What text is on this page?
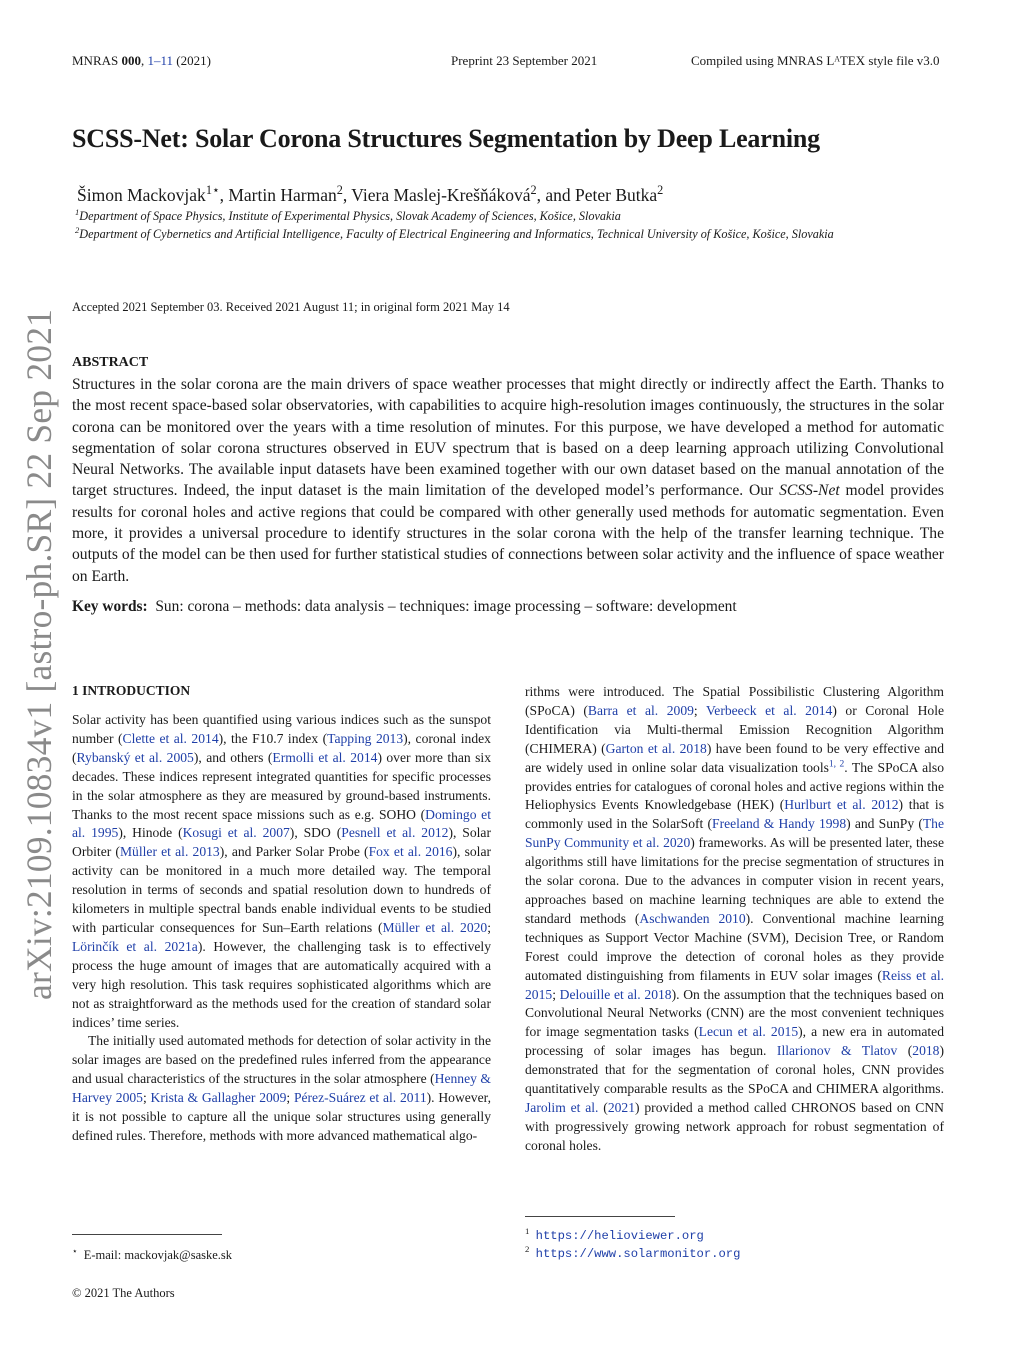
MNRAS 000, 1–11 (2021)	Preprint 23 September 2021	Compiled using MNRAS LᴬTEX style file v3.0
arXiv:2109.10834v1 [astro-ph.SR] 22 Sep 2021
SCSS-Net: Solar Corona Structures Segmentation by Deep Learning
Šimon Mackovjak$^{1⋆}$, Martin Harman$^2$, Viera Maslej-Krešňáková$^2$, and Peter Butka$^2$
$^1$Department of Space Physics, Institute of Experimental Physics, Slovak Academy of Sciences, Košice, Slovakia
$^2$Department of Cybernetics and Artificial Intelligence, Faculty of Electrical Engineering and Informatics, Technical University of Košice, Košice, Slovakia
Accepted 2021 September 03. Received 2021 August 11; in original form 2021 May 14
ABSTRACT
Structures in the solar corona are the main drivers of space weather processes that might directly or indirectly affect the Earth. Thanks to the most recent space-based solar observatories, with capabilities to acquire high-resolution images continuously, the structures in the solar corona can be monitored over the years with a time resolution of minutes. For this purpose, we have developed a method for automatic segmentation of solar corona structures observed in EUV spectrum that is based on a deep learning approach utilizing Convolutional Neural Networks. The available input datasets have been examined together with our own dataset based on the manual annotation of the target structures. Indeed, the input dataset is the main limitation of the developed model’s performance. Our SCSS-Net model provides results for coronal holes and active regions that could be compared with other generally used methods for automatic segmentation. Even more, it provides a universal procedure to identify structures in the solar corona with the help of the transfer learning technique. The outputs of the model can be then used for further statistical studies of connections between solar activity and the influence of space weather on Earth.
Key words: Sun: corona – methods: data analysis – techniques: image processing – software: development
1 INTRODUCTION

Solar activity has been quantified using various indices such as the sunspot number (Clette et al. 2014), the F10.7 index (Tapping 2013), coronal index (Rybanský et al. 2005), and others (Ermolli et al. 2014) over more than six decades. These indices represent integrated quantities for specific processes in the solar atmosphere as they are measured by ground-based instruments. Thanks to the most recent space missions such as e.g. SOHO (Domingo et al. 1995), Hinode (Kosugi et al. 2007), SDO (Pesnell et al. 2012), Solar Orbiter (Müller et al. 2013), and Parker Solar Probe (Fox et al. 2016), solar activity can be monitored in a much more detailed way. The temporal resolution in terms of seconds and spatial resolution down to hundreds of kilometers in multiple spectral bands enable individual events to be studied with particular consequences for Sun–Earth relations (Müller et al. 2020; Lörinčík et al. 2021a). However, the challenging task is to effectively process the huge amount of images that are automatically acquired with a very high resolution. This task requires sophisticated algorithms which are not as straightforward as the methods used for the creation of standard solar indices’ time series.

The initially used automated methods for detection of solar activity in the solar images are based on the predefined rules inferred from the appearance and usual characteristics of the structures in the solar atmosphere (Henney & Harvey 2005; Krista & Gallagher 2009; Pérez-Suárez et al. 2011). However, it is not possible to capture all the unique solar structures using generally defined rules. Therefore, methods with more advanced mathematical algo-

rithms were introduced. The Spatial Possibilistic Clustering Algorithm (SPoCA) (Barra et al. 2009; Verbeeck et al. 2014) or Coronal Hole Identification via Multi-thermal Emission Recognition Algorithm (CHIMERA) (Garton et al. 2018) have been found to be very effective and are widely used in online solar data visualization tools$^{1, 2}$. The SPoCA also provides entries for catalogues of coronal holes and active regions within the Heliophysics Events Knowledgebase (HEK) (Hurlburt et al. 2012) that is commonly used in the SolarSoft (Freeland & Handy 1998) and SunPy (The SunPy Community et al. 2020) frameworks. As will be presented later, these algorithms still have limitations for the precise segmentation of structures in the solar corona. Due to the advances in computer vision in recent years, approaches based on machine learning techniques are able to extend the standard methods (Aschwanden 2010). Conventional machine learning techniques as Support Vector Machine (SVM), Decision Tree, or Random Forest could improve the detection of coronal holes as they provide automated distinguishing from filaments in EUV solar images (Reiss et al. 2015; Delouille et al. 2018). On the assumption that the techniques based on Convolutional Neural Networks (CNN) are the most convenient techniques for image segmentation tasks (Lecun et al. 2015), a new era in automated processing of solar images has begun. Illarionov & Tlatov (2018) demonstrated that for the segmentation of coronal holes, CNN provides quantitatively comparable results as the SPoCA and CHIMERA algorithms. Jarolim et al. (2021) provided a method called CHRONOS based on CNN with progressively growing network approach for robust segmentation of coronal holes.

⋆ E-mail: mackovjak@saske.sk
© 2021 The Authors
$^1$ https://helioviewer.org
$^2$ https://www.solarmonitor.org
